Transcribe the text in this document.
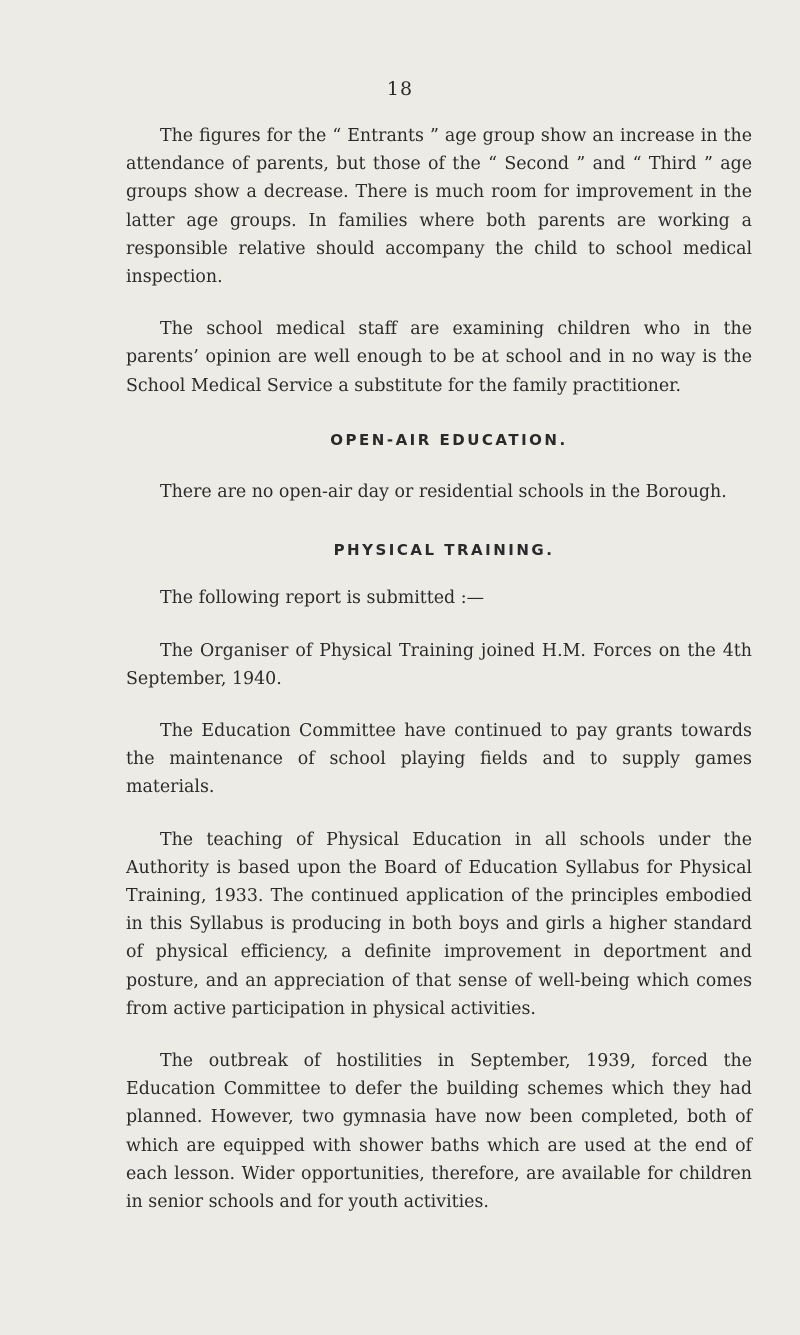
18

The figures for the “ Entrants ” age group show an increase in the attendance of parents, but those of the “ Second ” and “ Third ” age groups show a decrease. There is much room for improvement in the latter age groups. In families where both parents are working a responsible relative should accompany the child to school medical inspection.

The school medical staff are examining children who in the parents’ opinion are well enough to be at school and in no way is the School Medical Service a substitute for the family practitioner.

OPEN-AIR EDUCATION.

There are no open-air day or residential schools in the Borough.

PHYSICAL TRAINING.

The following report is submitted :—

The Organiser of Physical Training joined H.M. Forces on the 4th September, 1940.

The Education Committee have continued to pay grants towards the maintenance of school playing fields and to supply games materials.

The teaching of Physical Education in all schools under the Authority is based upon the Board of Education Syllabus for Physical Training, 1933. The continued application of the principles embodied in this Syllabus is producing in both boys and girls a higher standard of physical efficiency, a definite improvement in deportment and posture, and an appreciation of that sense of well-being which comes from active participation in physical activities.

The outbreak of hostilities in September, 1939, forced the Education Committee to defer the building schemes which they had planned. However, two gymnasia have now been completed, both of which are equipped with shower baths which are used at the end of each lesson. Wider opportunities, therefore, are available for children in senior schools and for youth activities.
